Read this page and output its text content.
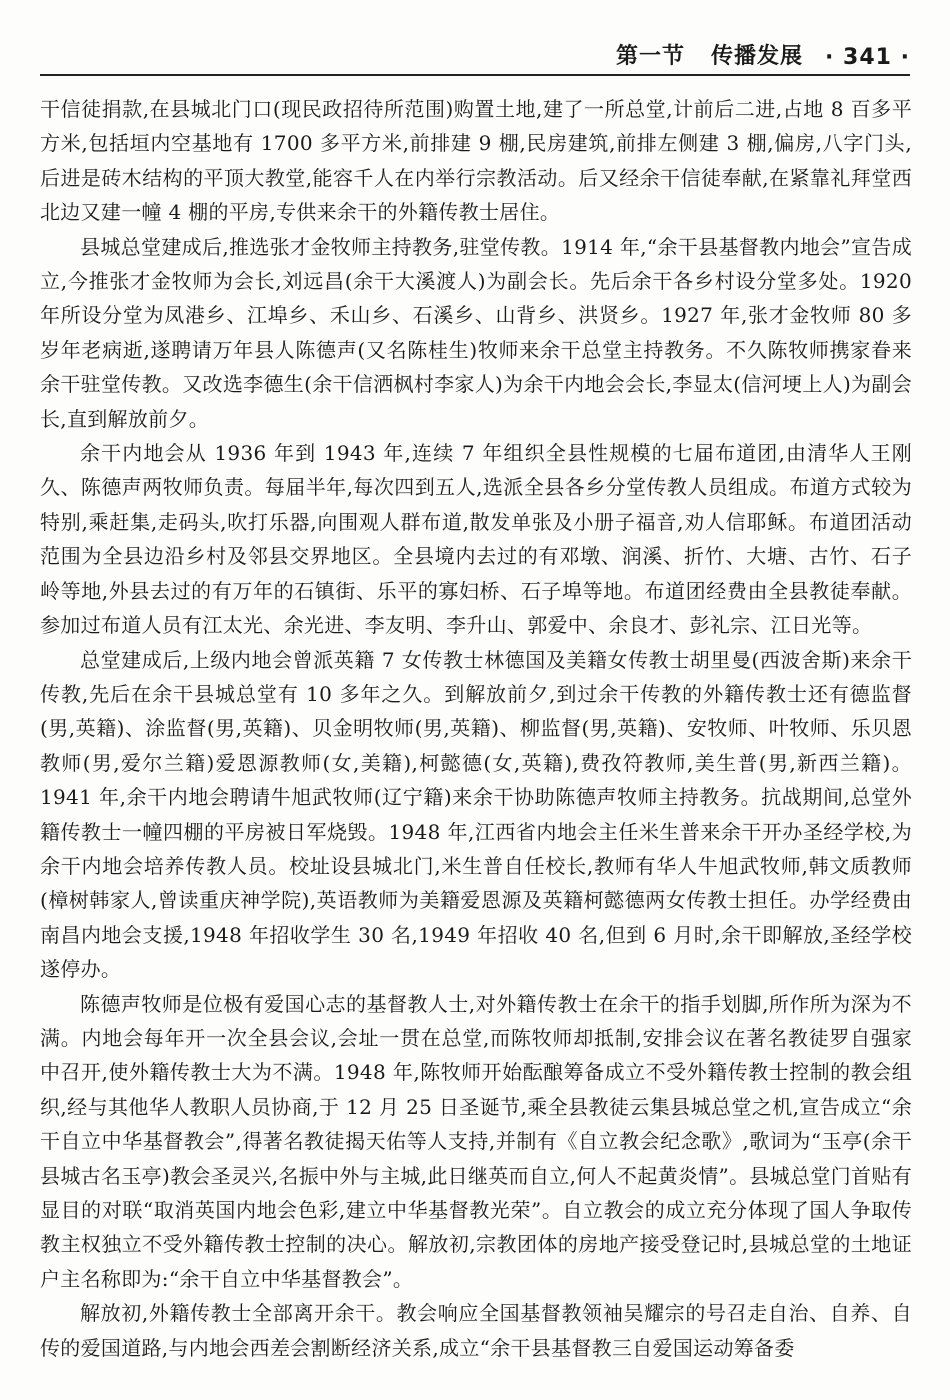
第一节 传播发展 · 341 ·

干信徒捐款,在县城北门口(现民政招待所范围)购置土地,建了一所总堂,计前后二进,占地 8 百多平方米,包括垣内空基地有 1700 多平方米,前排建 9 棚,民房建筑,前排左侧建 3 棚,偏房,八字门头,后进是砖木结构的平顶大教堂,能容千人在内举行宗教活动。后又经余干信徒奉献,在紧靠礼拜堂西北边又建一幢 4 棚的平房,专供来余干的外籍传教士居住。

县城总堂建成后,推选张才金牧师主持教务,驻堂传教。1914 年,“余干县基督教内地会”宣告成立,今推张才金牧师为会长,刘远昌(余干大溪渡人)为副会长。先后余干各乡村设分堂多处。1920 年所设分堂为凤港乡、江埠乡、禾山乡、石溪乡、山背乡、洪贤乡。1927 年,张才金牧师 80 多岁年老病逝,遂聘请万年县人陈德声(又名陈桂生)牧师来余干总堂主持教务。不久陈牧师携家眷来余干驻堂传教。又改选李德生(余干信洒枫村李家人)为余干内地会会长,李显太(信河埂上人)为副会长,直到解放前夕。

余干内地会从 1936 年到 1943 年,连续 7 年组织全县性规模的七届布道团,由清华人王刚久、陈德声两牧师负责。每届半年,每次四到五人,选派全县各乡分堂传教人员组成。布道方式较为特别,乘赶集,走码头,吹打乐器,向围观人群布道,散发单张及小册子福音,劝人信耶稣。布道团活动范围为全县边沿乡村及邻县交界地区。全县境内去过的有邓墩、润溪、折竹、大塘、古竹、石子岭等地,外县去过的有万年的石镇街、乐平的寡妇桥、石子埠等地。布道团经费由全县教徒奉献。参加过布道人员有江太光、余光进、李友明、李升山、郭爱中、余良才、彭礼宗、江日光等。

总堂建成后,上级内地会曾派英籍 7 女传教士林德国及美籍女传教士胡里曼(西波舍斯)来余干传教,先后在余干县城总堂有 10 多年之久。到解放前夕,到过余干传教的外籍传教士还有德监督(男,英籍)、涂监督(男,英籍)、贝金明牧师(男,英籍)、柳监督(男,英籍)、安牧师、叶牧师、乐贝恩教师(男,爱尔兰籍)爱恩源教师(女,美籍),柯懿德(女,英籍),费孜符教师,美生普(男,新西兰籍)。1941 年,余干内地会聘请牛旭武牧师(辽宁籍)来余干协助陈德声牧师主持教务。抗战期间,总堂外籍传教士一幢四棚的平房被日军烧毁。1948 年,江西省内地会主任米生普来余干开办圣经学校,为余干内地会培养传教人员。校址设县城北门,米生普自任校长,教师有华人牛旭武牧师,韩文质教师(樟树韩家人,曾读重庆神学院),英语教师为美籍爱恩源及英籍柯懿德两女传教士担任。办学经费由南昌内地会支援,1948 年招收学生 30 名,1949 年招收 40 名,但到 6 月时,余干即解放,圣经学校遂停办。

陈德声牧师是位极有爱国心志的基督教人士,对外籍传教士在余干的指手划脚,所作所为深为不满。内地会每年开一次全县会议,会址一贯在总堂,而陈牧师却抵制,安排会议在著名教徒罗自强家中召开,使外籍传教士大为不满。1948 年,陈牧师开始酝酿筹备成立不受外籍传教士控制的教会组织,经与其他华人教职人员协商,于 12 月 25 日圣诞节,乘全县教徒云集县城总堂之机,宣告成立“余干自立中华基督教会”,得著名教徒揭天佑等人支持,并制有《自立教会纪念歌》,歌词为“玉亭(余干县城古名玉亭)教会圣灵兴,名振中外与主城,此日继英而自立,何人不起黄炎情”。县城总堂门首贴有显目的对联“取消英国内地会色彩,建立中华基督教光荣”。自立教会的成立充分体现了国人争取传教主权独立不受外籍传教士控制的决心。解放初,宗教团体的房地产接受登记时,县城总堂的土地证户主名称即为:“余干自立中华基督教会”。

解放初,外籍传教士全部离开余干。教会响应全国基督教领袖吴耀宗的号召走自治、自养、自传的爱国道路,与内地会西差会割断经济关系,成立“余干县基督教三自爱国运动筹备委
